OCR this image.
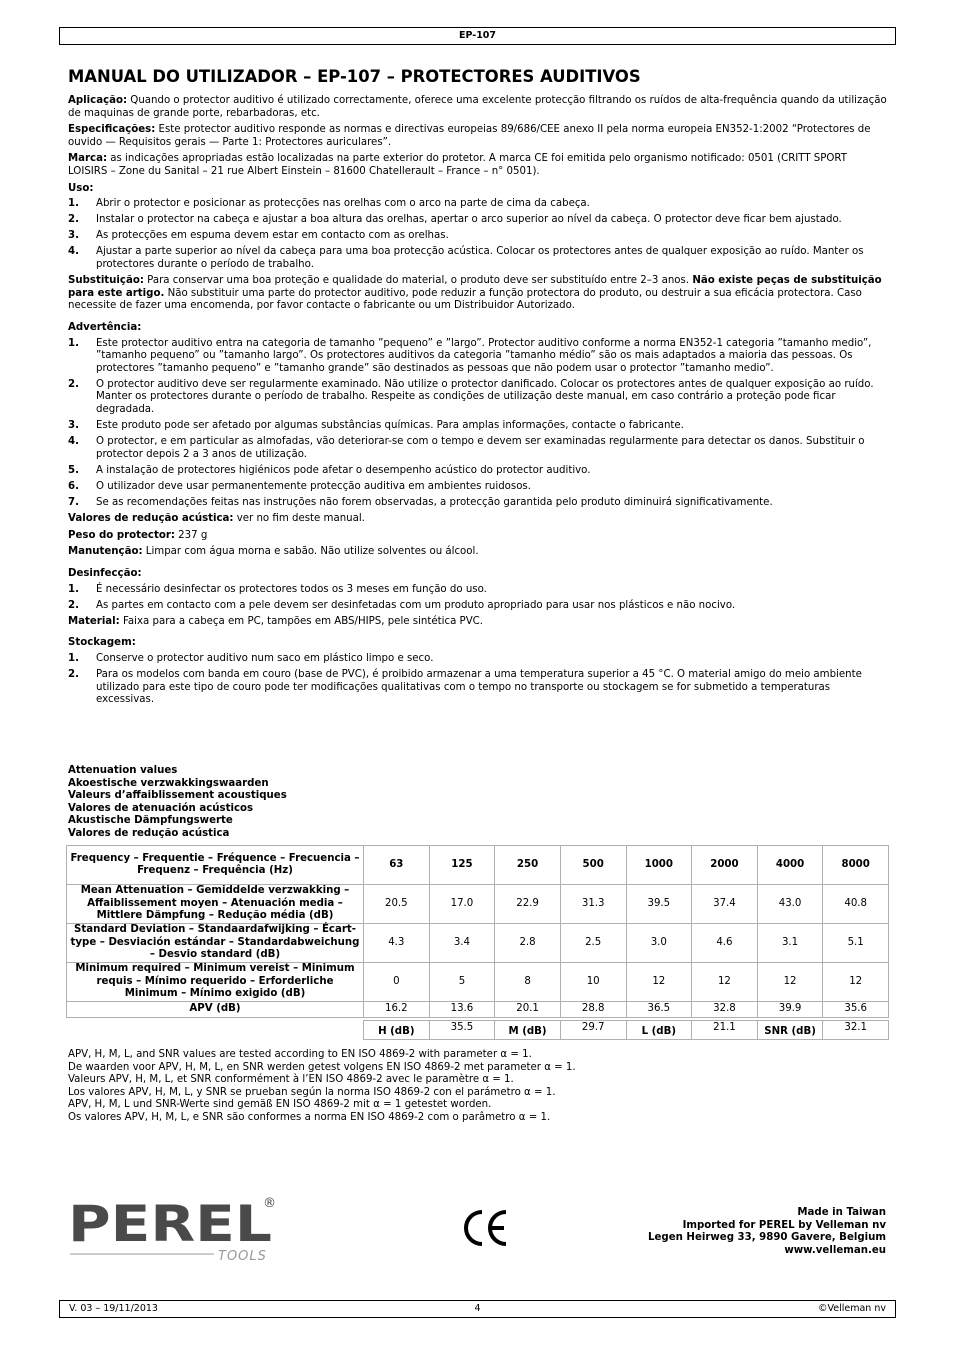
EP-107
MANUAL DO UTILIZADOR – EP-107 – PROTECTORES AUDITIVOS

Aplicação: Quando o protector auditivo é utilizado correctamente, oferece uma excelente protecção filtrando os ruídos de alta-frequência quando da utilização de maquinas de grande porte, rebarbadoras, etc.

Especificações: Este protector auditivo responde as normas e directivas europeias 89/686/CEE anexo II pela norma europeia EN352-1:2002 “Protectores de ouvido — Requisitos gerais — Parte 1: Protectores auriculares”.

Marca: as indicações apropriadas estão localizadas na parte exterior do protetor. A marca CE foi emitida pelo organismo notificado: 0501 (CRITT SPORT LOISIRS – Zone du Sanital – 21 rue Albert Einstein – 81600 Chatellerault – France – n° 0501).

Uso:
1. Abrir o protector e posicionar as protecções nas orelhas com o arco na parte de cima da cabeça.
2. Instalar o protector na cabeça e ajustar a boa altura das orelhas, apertar o arco superior ao nível da cabeça. O protector deve ficar bem ajustado.
3. As protecções em espuma devem estar em contacto com as orelhas.
4. Ajustar a parte superior ao nível da cabeça para uma boa protecção acústica. Colocar os protectores antes de qualquer exposição ao ruído. Manter os protectores durante o período de trabalho.

Substituição: Para conservar uma boa proteção e qualidade do material, o produto deve ser substituído entre 2–3 anos. Não existe peças de substituição para este artigo. Não substituir uma parte do protector auditivo, pode reduzir a função protectora do produto, ou destruir a sua eficácia protectora. Caso necessite de fazer uma encomenda, por favor contacte o fabricante ou um Distribuidor Autorizado.

Advertência:
1. Este protector auditivo entra na categoria de tamanho ”pequeno” e ”largo”. Protector auditivo conforme a norma EN352-1 categoria ”tamanho medio”, ”tamanho pequeno” ou ”tamanho largo”. Os protectores auditivos da categoria ”tamanho médio” são os mais adaptados a maioria das pessoas. Os protectores ”tamanho pequeno” e ”tamanho grande” são destinados as pessoas que não podem usar o protector ”tamanho medio”.
2. O protector auditivo deve ser regularmente examinado. Não utilize o protector danificado. Colocar os protectores antes de qualquer exposição ao ruído. Manter os protectores durante o período de trabalho. Respeite as condições de utilização deste manual, em caso contrário a proteção pode ficar degradada.
3. Este produto pode ser afetado por algumas substâncias químicas. Para amplas informações, contacte o fabricante.
4. O protector, e em particular as almofadas, vão deteriorar-se com o tempo e devem ser examinadas regularmente para detectar os danos. Substituir o protector depois 2 a 3 anos de utilização.
5. A instalação de protectores higiénicos pode afetar o desempenho acústico do protector auditivo.
6. O utilizador deve usar permanentemente protecção auditiva em ambientes ruidosos.
7. Se as recomendações feitas nas instruções não forem observadas, a protecção garantida pelo produto diminuirá significativamente.

Valores de redução acústica: ver no fim deste manual.

Peso do protector: 237 g

Manutenção: Limpar com água morna e sabão. Não utilize solventes ou álcool.

Desinfecção:
1. É necessário desinfectar os protectores todos os 3 meses em função do uso.
2. As partes em contacto com a pele devem ser desinfetadas com um produto apropriado para usar nos plásticos e não nocivo.

Material: Faixa para a cabeça em PC, tampões em ABS/HIPS, pele sintética PVC.

Stockagem:
1. Conserve o protector auditivo num saco em plástico limpo e seco.
2. Para os modelos com banda em couro (base de PVC), é proibido armazenar a uma temperatura superior a 45 °C. O material amigo do meio ambiente utilizado para este tipo de couro pode ter modificações qualitativas com o tempo no transporte ou stockagem se for submetido a temperaturas excessivas.
Attenuation values
Akoestische verzwakkingswaarden
Valeurs d’affaiblissement acoustiques
Valores de atenuación acústicos
Akustische Dämpfungswerte
Valores de redução acústica
Frequency – Frequentie – Fréquence – Frecuencia – Frequenz – Frequência (Hz)	63	125	250	500	1000	2000	4000	8000
Mean Attenuation – Gemiddelde verzwakking – Affaiblissement moyen – Atenuación media – Mittlere Dämpfung – Redução média (dB)	20.5	17.0	22.9	31.3	39.5	37.4	43.0	40.8
Standard Deviation – Standaardafwijking – Écart-type – Desviación estándar – Standardabweichung – Desvio standard (dB)	4.3	3.4	2.8	2.5	3.0	4.6	3.1	5.1
Minimum required – Minimum vereist – Minimum requis – Mínimo requerido – Erforderliche Minimum – Mínimo exigido (dB)	0	5	8	10	12	12	12	12
APV (dB)	16.2	13.6	20.1	28.8	36.5	32.8	39.9	35.6
H (dB)	35.5	M (dB)	29.7	L (dB)	21.1	SNR (dB)	32.1
APV, H, M, L, and SNR values are tested according to EN ISO 4869-2 with parameter α = 1.
De waarden voor APV, H, M, L, en SNR werden getest volgens EN ISO 4869-2 met parameter α = 1.
Valeurs APV, H, M, L, et SNR conformément à l’EN ISO 4869-2 avec le paramètre α = 1.
Los valores APV, H, M, L, y SNR se prueban según la norma ISO 4869-2 con el parámetro α = 1.
APV, H, M, L und SNR-Werte sind gemäß EN ISO 4869-2 mit α = 1 getestet worden.
Os valores APV, H, M, L, e SNR são conformes a norma EN ISO 4869-2 com o parâmetro α = 1.
PEREL
®
TOOLS
Made in Taiwan
Imported for PEREL by Velleman nv
Legen Heirweg 33, 9890 Gavere, Belgium
www.velleman.eu
V. 03 – 19/11/2013	4	©Velleman nv
